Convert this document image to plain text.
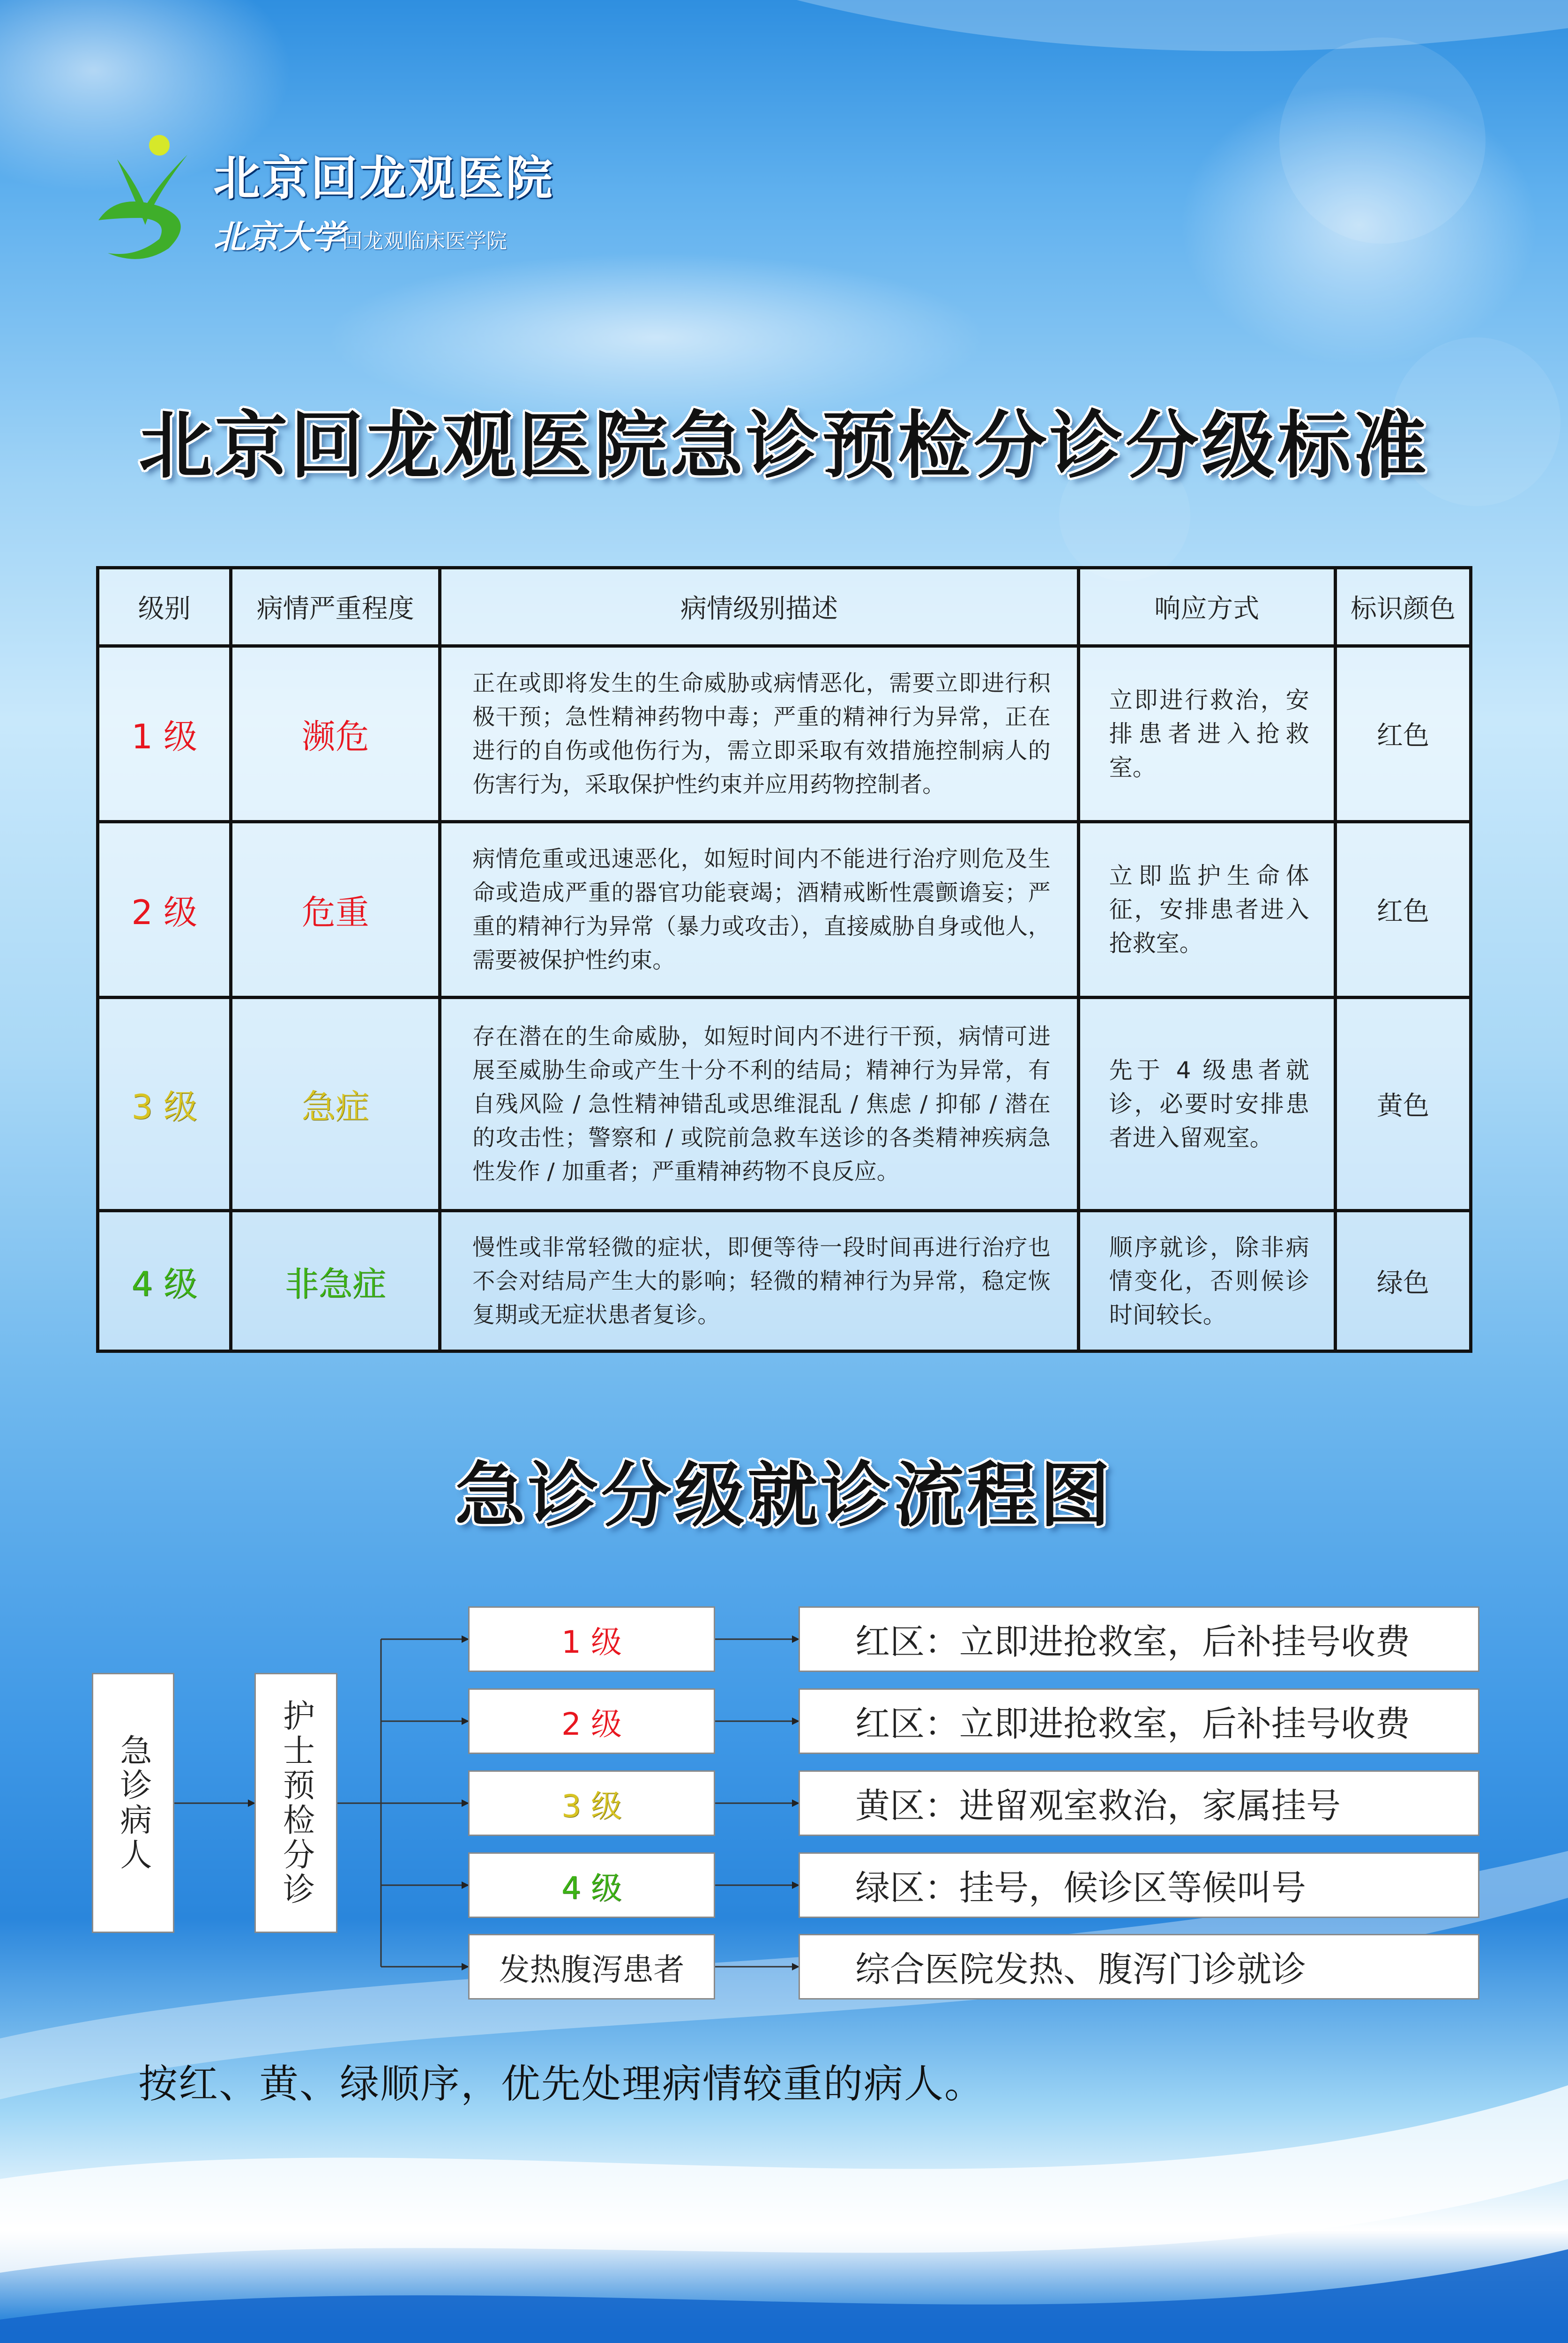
北京回龙观医院
北京大学
回龙观临床医学院
北京回龙观医院急诊预检分诊分级标准
级别	病情严重程度	病情级别描述	响应方式	标识颜色
1 级	濒危	正在或即将发生的生命威胁或病情恶化，需要立即进行积极干预；急性精神药物中毒；严重的精神行为异常，正在进行的自伤或他伤行为，需立即采取有效措施控制病人的伤害行为，采取保护性约束并应用药物控制者。	立即进行救治，安排患者进入抢救室。	红色
2 级	危重	病情危重或迅速恶化，如短时间内不能进行治疗则危及生命或造成严重的器官功能衰竭；酒精戒断性震颤谵妄；严重的精神行为异常（暴力或攻击），直接威胁自身或他人，需要被保护性约束。	立即监护生命体征，安排患者进入抢救室。	红色
3 级	急症	存在潜在的生命威胁，如短时间内不进行干预，病情可进展至威胁生命或产生十分不利的结局；精神行为异常，有自残风险 / 急性精神错乱或思维混乱 / 焦虑 / 抑郁 / 潜在的攻击性；警察和 / 或院前急救车送诊的各类精神疾病急性发作 / 加重者；严重精神药物不良反应。	先于 4 级患者就诊，必要时安排患者进入留观室。	黄色
4 级	非急症	慢性或非常轻微的症状，即便等待一段时间再进行治疗也不会对结局产生大的影响；轻微的精神行为异常，稳定恢复期或无症状患者复诊。	顺序就诊，除非病情变化，否则候诊时间较长。	绿色
急诊分级就诊流程图
急诊病人	护士预检分诊
1 级
2 级
3 级
4 级
发热腹泻患者
红区：立即进抢救室，后补挂号收费
红区：立即进抢救室，后补挂号收费
黄区：进留观室救治，家属挂号
绿区：挂号，候诊区等候叫号
综合医院发热、腹泻门诊就诊
按红、黄、绿顺序，优先处理病情较重的病人。
